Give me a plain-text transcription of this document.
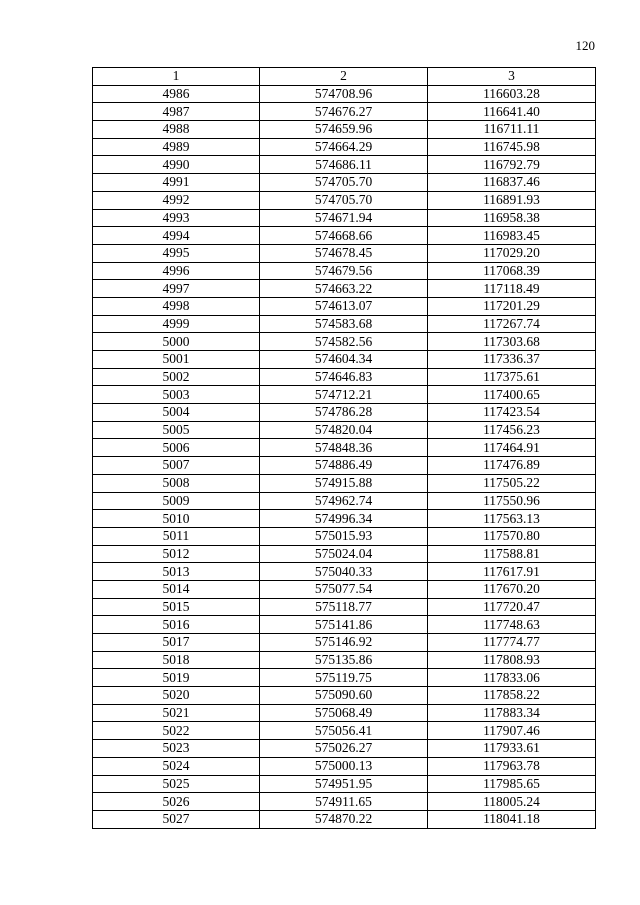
120
1	2	3
4986	574708.96	116603.28
4987	574676.27	116641.40
4988	574659.96	116711.11
4989	574664.29	116745.98
4990	574686.11	116792.79
4991	574705.70	116837.46
4992	574705.70	116891.93
4993	574671.94	116958.38
4994	574668.66	116983.45
4995	574678.45	117029.20
4996	574679.56	117068.39
4997	574663.22	117118.49
4998	574613.07	117201.29
4999	574583.68	117267.74
5000	574582.56	117303.68
5001	574604.34	117336.37
5002	574646.83	117375.61
5003	574712.21	117400.65
5004	574786.28	117423.54
5005	574820.04	117456.23
5006	574848.36	117464.91
5007	574886.49	117476.89
5008	574915.88	117505.22
5009	574962.74	117550.96
5010	574996.34	117563.13
5011	575015.93	117570.80
5012	575024.04	117588.81
5013	575040.33	117617.91
5014	575077.54	117670.20
5015	575118.77	117720.47
5016	575141.86	117748.63
5017	575146.92	117774.77
5018	575135.86	117808.93
5019	575119.75	117833.06
5020	575090.60	117858.22
5021	575068.49	117883.34
5022	575056.41	117907.46
5023	575026.27	117933.61
5024	575000.13	117963.78
5025	574951.95	117985.65
5026	574911.65	118005.24
5027	574870.22	118041.18
